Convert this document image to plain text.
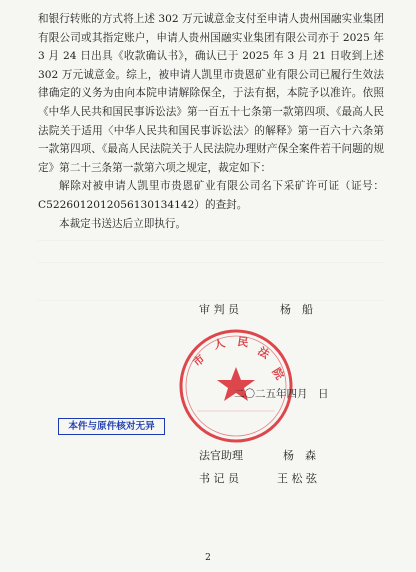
和银行转账的方式将上述 302 万元诚意金支付至申请人贵州国融实业集团有限公司或其指定账户，申请人贵州国融实业集团有限公司亦于 2025 年 3 月 24 日出具《收款确认书》，确认已于 2025 年 3 月 21 日收到上述 302 万元诚意金。综上，被申请人凯里市贵恩矿业有限公司已履行生效法律确定的义务为由向本院申请解除保全，于法有据，本院予以准许。依照《中华人民共和国民事诉讼法》第一百五十七条第一款第四项、《最高人民法院关于适用〈中华人民共和国民事诉讼法〉的解释》第一百六十六条第一款第四项、《最高人民法院关于人民法院办理财产保全案件若干问题的规定》第二十三条第一款第六项之规定，裁定如下：

解除对被申请人凯里市贵恩矿业有限公司名下采矿许可证（证号：C5226012012056130134142）的查封。

本裁定书送达后立即执行。

审 判 员	杨　船
市
人 民
法
院
二〇二五年四月　日
本件与原件核对无异
法官助理	杨　森
书 记 员	王 松 弦
2
